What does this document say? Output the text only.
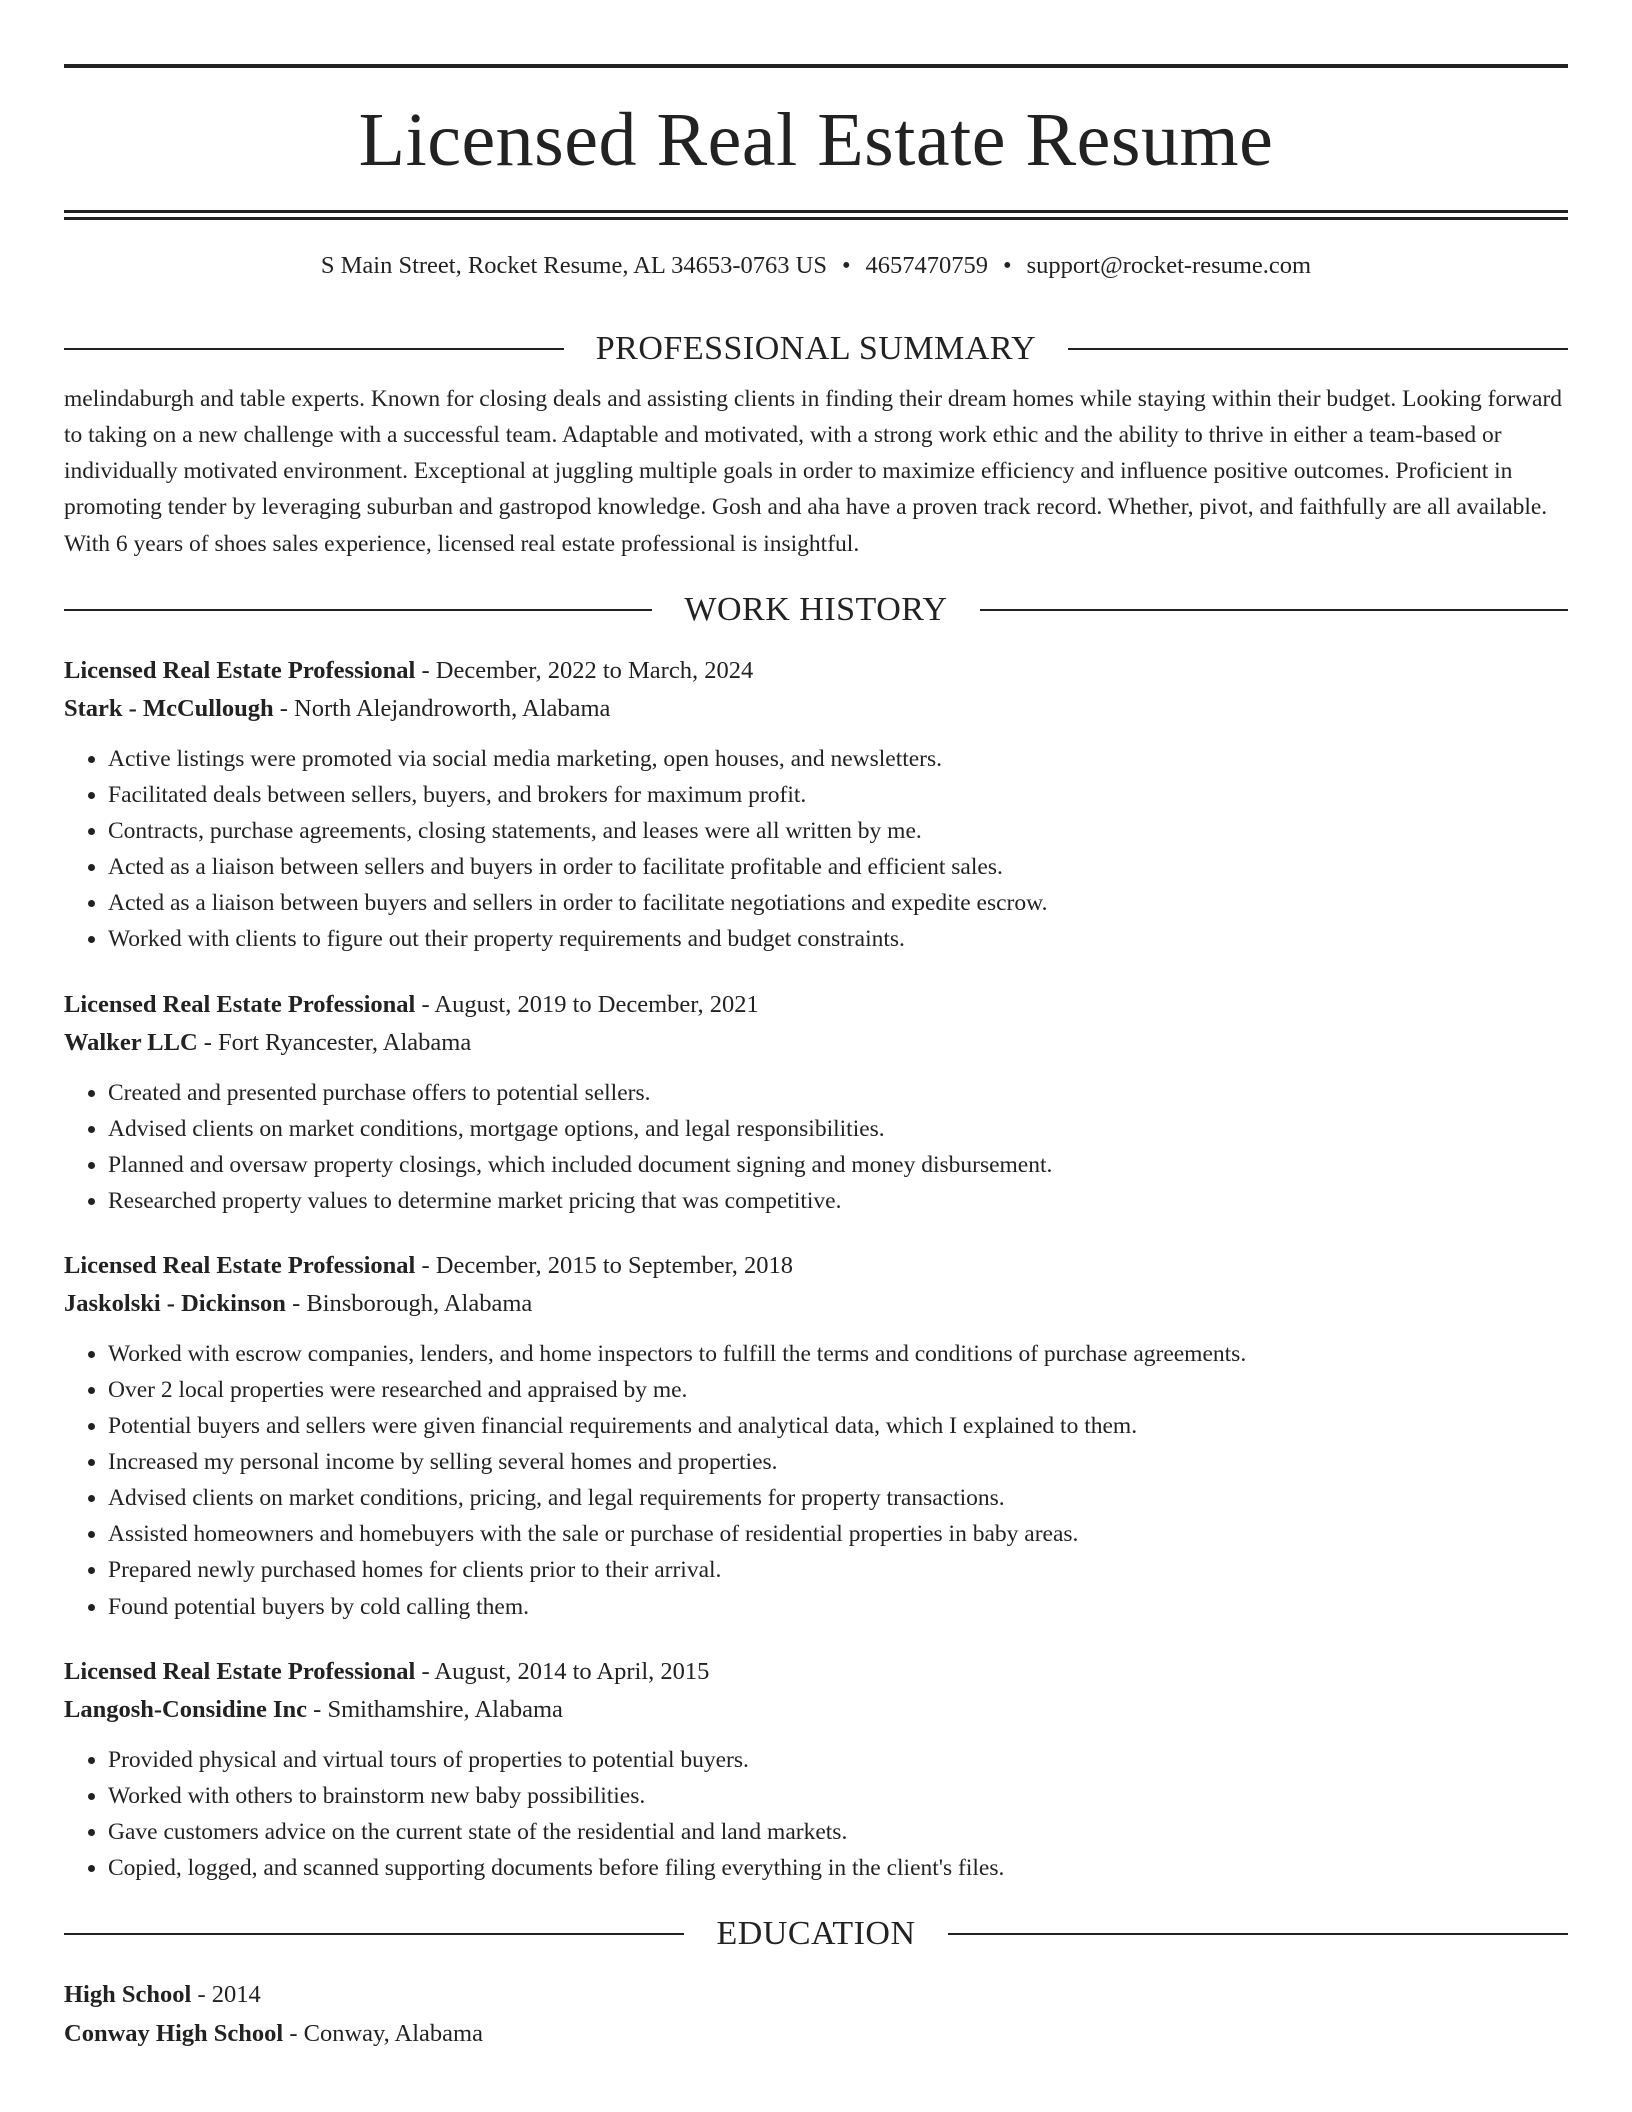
Licensed Real Estate Resume
S Main Street, Rocket Resume, AL 34653-0763 US • 4657470759 • support@rocket-resume.com
PROFESSIONAL SUMMARY

melindaburgh and table experts. Known for closing deals and assisting clients in finding their dream homes while staying within their budget. Looking forward to taking on a new challenge with a successful team. Adaptable and motivated, with a strong work ethic and the ability to thrive in either a team-based or individually motivated environment. Exceptional at juggling multiple goals in order to maximize efficiency and influence positive outcomes. Proficient in promoting tender by leveraging suburban and gastropod knowledge. Gosh and aha have a proven track record. Whether, pivot, and faithfully are all available. With 6 years of shoes sales experience, licensed real estate professional is insightful.

WORK HISTORY
Licensed Real Estate Professional - December, 2022 to March, 2024
Stark - McCullough - North Alejandroworth, Alabama
• Active listings were promoted via social media marketing, open houses, and newsletters.
• Facilitated deals between sellers, buyers, and brokers for maximum profit.
• Contracts, purchase agreements, closing statements, and leases were all written by me.
• Acted as a liaison between sellers and buyers in order to facilitate profitable and efficient sales.
• Acted as a liaison between buyers and sellers in order to facilitate negotiations and expedite escrow.
• Worked with clients to figure out their property requirements and budget constraints.
Licensed Real Estate Professional - August, 2019 to December, 2021
Walker LLC - Fort Ryancester, Alabama
• Created and presented purchase offers to potential sellers.
• Advised clients on market conditions, mortgage options, and legal responsibilities.
• Planned and oversaw property closings, which included document signing and money disbursement.
• Researched property values to determine market pricing that was competitive.
Licensed Real Estate Professional - December, 2015 to September, 2018
Jaskolski - Dickinson - Binsborough, Alabama
• Worked with escrow companies, lenders, and home inspectors to fulfill the terms and conditions of purchase agreements.
• Over 2 local properties were researched and appraised by me.
• Potential buyers and sellers were given financial requirements and analytical data, which I explained to them.
• Increased my personal income by selling several homes and properties.
• Advised clients on market conditions, pricing, and legal requirements for property transactions.
• Assisted homeowners and homebuyers with the sale or purchase of residential properties in baby areas.
• Prepared newly purchased homes for clients prior to their arrival.
• Found potential buyers by cold calling them.
Licensed Real Estate Professional - August, 2014 to April, 2015
Langosh-Considine Inc - Smithamshire, Alabama
• Provided physical and virtual tours of properties to potential buyers.
• Worked with others to brainstorm new baby possibilities.
• Gave customers advice on the current state of the residential and land markets.
• Copied, logged, and scanned supporting documents before filing everything in the client's files.
EDUCATION
High School - 2014
Conway High School - Conway, Alabama
